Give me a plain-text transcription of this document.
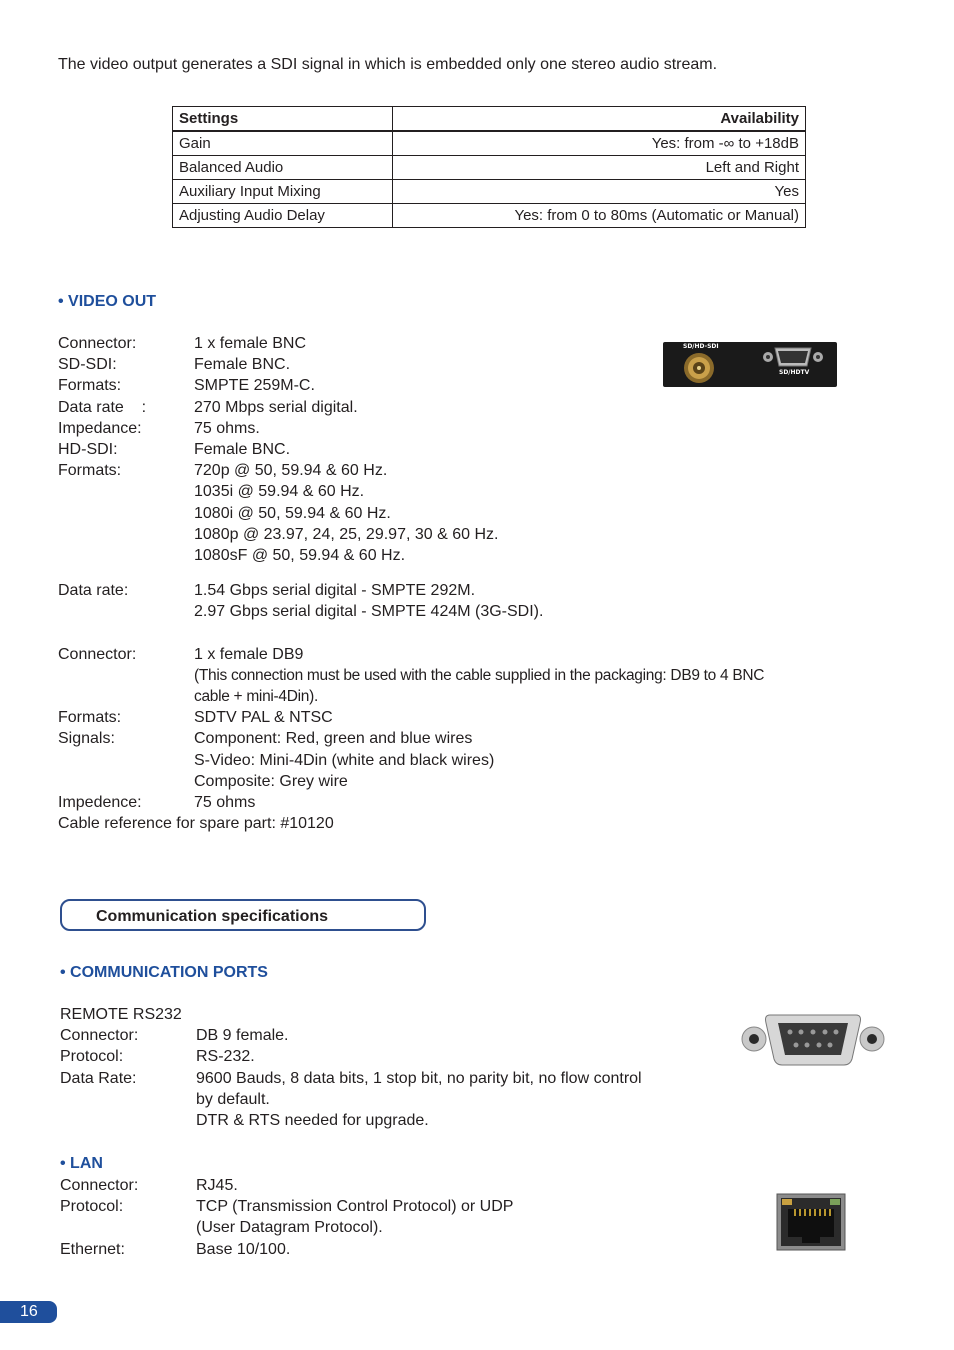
The video output generates a SDI signal in which is embedded only one stereo audio stream.
Settings	Availability
Gain	Yes: from -∞ to +18dB
Balanced Audio	Left and Right
Auxiliary Input Mixing	Yes
Adjusting Audio Delay	Yes: from 0 to 80ms (Automatic or Manual)
• VIDEO OUT
SD/HD-SDI
SD/HDTV
Connector:	1 x female BNC
SD-SDI:	Female BNC.
Formats:	SMPTE 259M-C.
Data rate    :	270 Mbps serial digital.
Impedance:	75 ohms.
HD-SDI:	Female BNC.
Formats:	720p @ 50, 59.94 & 60 Hz.
1035i @ 59.94 & 60 Hz.
1080i @ 50, 59.94 & 60 Hz.
1080p @ 23.97, 24, 25, 29.97, 30 & 60 Hz.
1080sF @ 50, 59.94 & 60 Hz.
Data rate:	1.54 Gbps serial digital - SMPTE 292M.
2.97 Gbps serial digital - SMPTE 424M (3G-SDI).
Connector:	1 x female DB9
(This connection must be used with the cable supplied in the packaging: DB9 to 4 BNC
cable + mini-4Din).
Formats:	SDTV PAL & NTSC
Signals:	Component: Red, green and blue wires
S-Video: Mini-4Din (white and black wires)
Composite: Grey wire
Impedence:	75 ohms
Cable reference for spare part: #10120
Communication specifications
• COMMUNICATION PORTS
REMOTE RS232
Connector:	DB 9 female.
Protocol:	RS-232.
Data Rate:	9600 Bauds, 8 data bits, 1 stop bit, no parity bit, no flow control
by default.
DTR & RTS needed for upgrade.
• LAN
Connector:	RJ45.
Protocol:	TCP (Transmission Control Protocol) or UDP
(User Datagram Protocol).
Ethernet:	Base 10/100.
16
